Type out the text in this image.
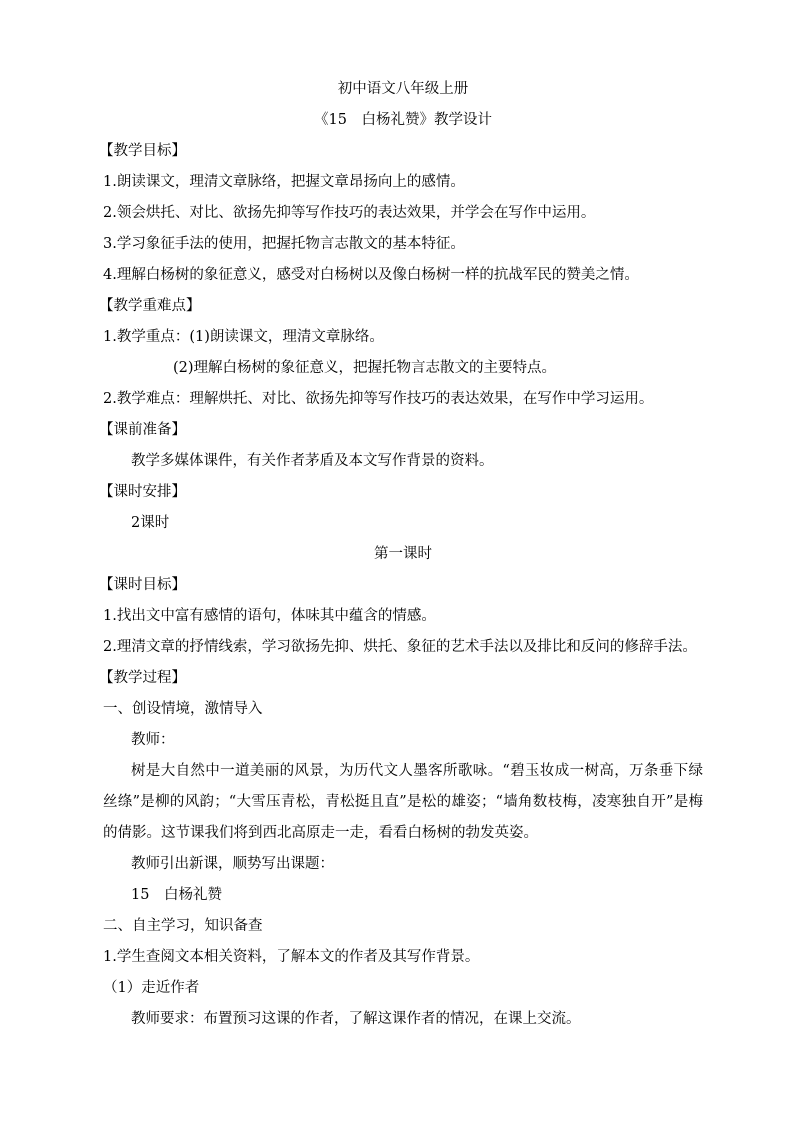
初中语文八年级上册
《15　白杨礼赞》教学设计
【教学目标】
1.朗读课文，理清文章脉络，把握文章昂扬向上的感情。
2.领会烘托、对比、欲扬先抑等写作技巧的表达效果，并学会在写作中运用。
3.学习象征手法的使用，把握托物言志散文的基本特征。
4.理解白杨树的象征意义，感受对白杨树以及像白杨树一样的抗战军民的赞美之情。
【教学重难点】
1.教学重点：(1)朗读课文，理清文章脉络。
(2)理解白杨树的象征意义，把握托物言志散文的主要特点。
2.教学难点：理解烘托、对比、欲扬先抑等写作技巧的表达效果，在写作中学习运用。
【课前准备】
教学多媒体课件，有关作者茅盾及本文写作背景的资料。
【课时安排】
2课时
第一课时
【课时目标】
1.找出文中富有感情的语句，体味其中蕴含的情感。
2.理清文章的抒情线索，学习欲扬先抑、烘托、象征的艺术手法以及排比和反问的修辞手法。
【教学过程】
一、创设情境，激情导入
教师：
树是大自然中一道美丽的风景，为历代文人墨客所歌咏。“碧玉妆成一树高，万条垂下绿丝绦”是柳的风韵；“大雪压青松，青松挺且直”是松的雄姿；“墙角数枝梅，凌寒独自开”是梅的倩影。这节课我们将到西北高原走一走，看看白杨树的勃发英姿。
教师引出新课，顺势写出课题：
15　白杨礼赞
二、自主学习，知识备查
1.学生查阅文本相关资料，了解本文的作者及其写作背景。
（1）走近作者
教师要求：布置预习这课的作者，了解这课作者的情况，在课上交流。
